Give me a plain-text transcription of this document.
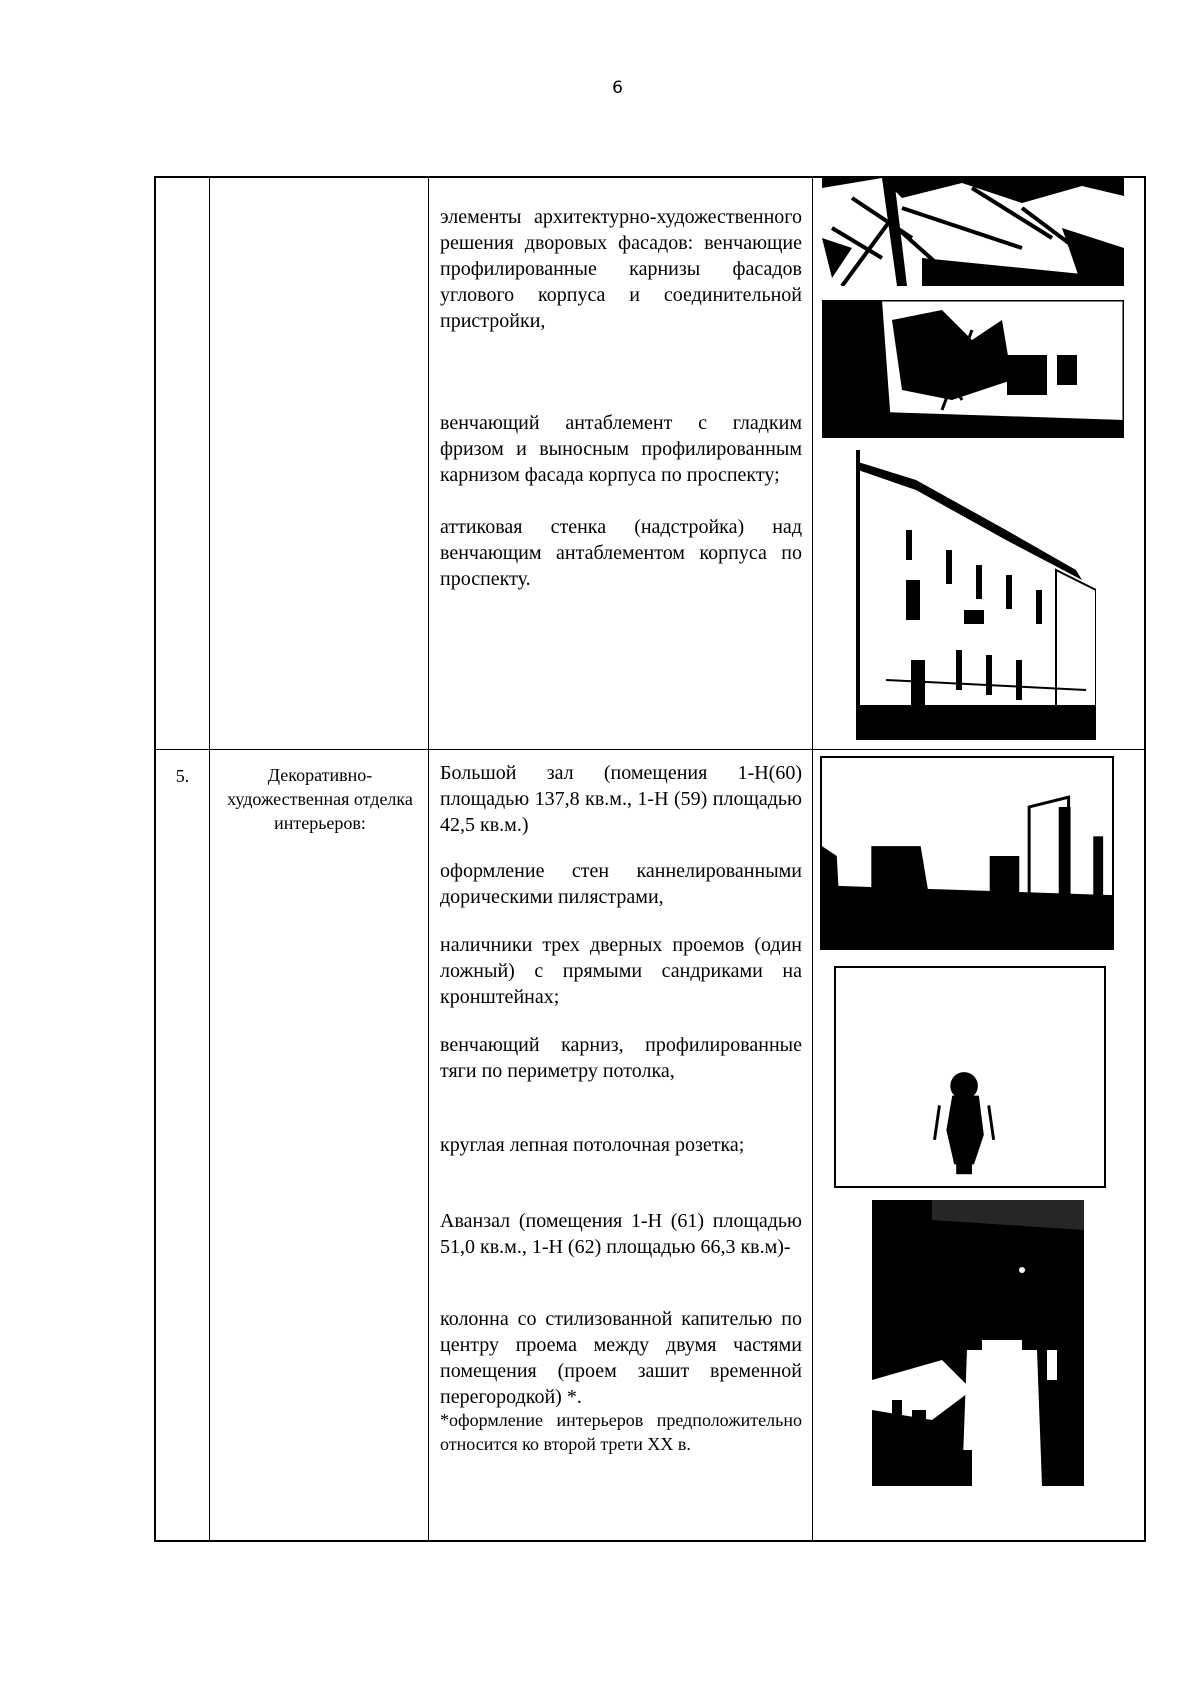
6
элементы архитектурно-художественного решения дворовых фасадов: венчающие профилированные карнизы фасадов углового корпуса и соединительной пристройки,
венчающий антаблемент с гладким фризом и выносным профилированным карнизом фасада корпуса по проспекту;
аттиковая стенка (надстройка) над венчающим антаблементом корпуса по проспекту.
5.	Декоративно-художественная отделка интерьеров:
Большой зал (помещения 1-Н(60) площадью 137,8 кв.м., 1-Н (59) площадью 42,5 кв.м.)
оформление стен каннелированными дорическими пилястрами,
наличники трех дверных проемов (один ложный) с прямыми сандриками на кронштейнах;
венчающий карниз, профилированные тяги по периметру потолка,
круглая лепная потолочная розетка;
Аванзал (помещения 1-Н (61) площадью 51,0 кв.м., 1-Н (62) площадью 66,3 кв.м)-
колонна со стилизованной капителью по центру проема между двумя частями помещения (проем зашит временной перегородкой) *.
*оформление интерьеров предположительно относится ко второй трети XX в.
